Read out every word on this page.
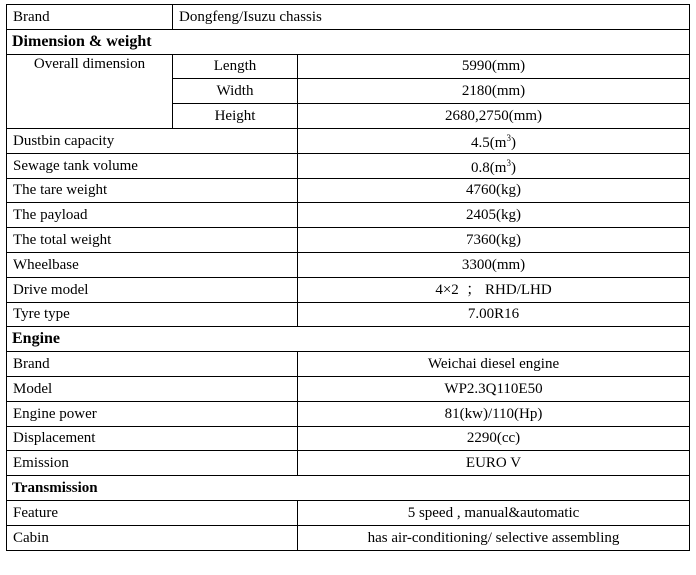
Brand	Dongfeng/Isuzu chassis	
Dimension & weight		
Overall dimension	Length	5990(mm)
	Width	2180(mm)
	Height	2680,2750(mm)
Dustbin capacity		$4.5(m^3)$
Sewage tank volume		$0.8(m^3)$
The tare weight		4760(kg)
The payload		2405(kg)
The total weight		7360(kg)
Wheelbase		3300(mm)
Drive model		4×2  ； RHD/LHD
Tyre type		7.00R16
Engine		
Brand		Weichai diesel engine
Model		WP2.3Q110E50
Engine power		81(kw)/110(Hp)
Displacement		2290(cc)
Emission		EURO V
Transmission		
Feature		5 speed , manual&automatic
Cabin		has air-conditioning/ selective assembling
